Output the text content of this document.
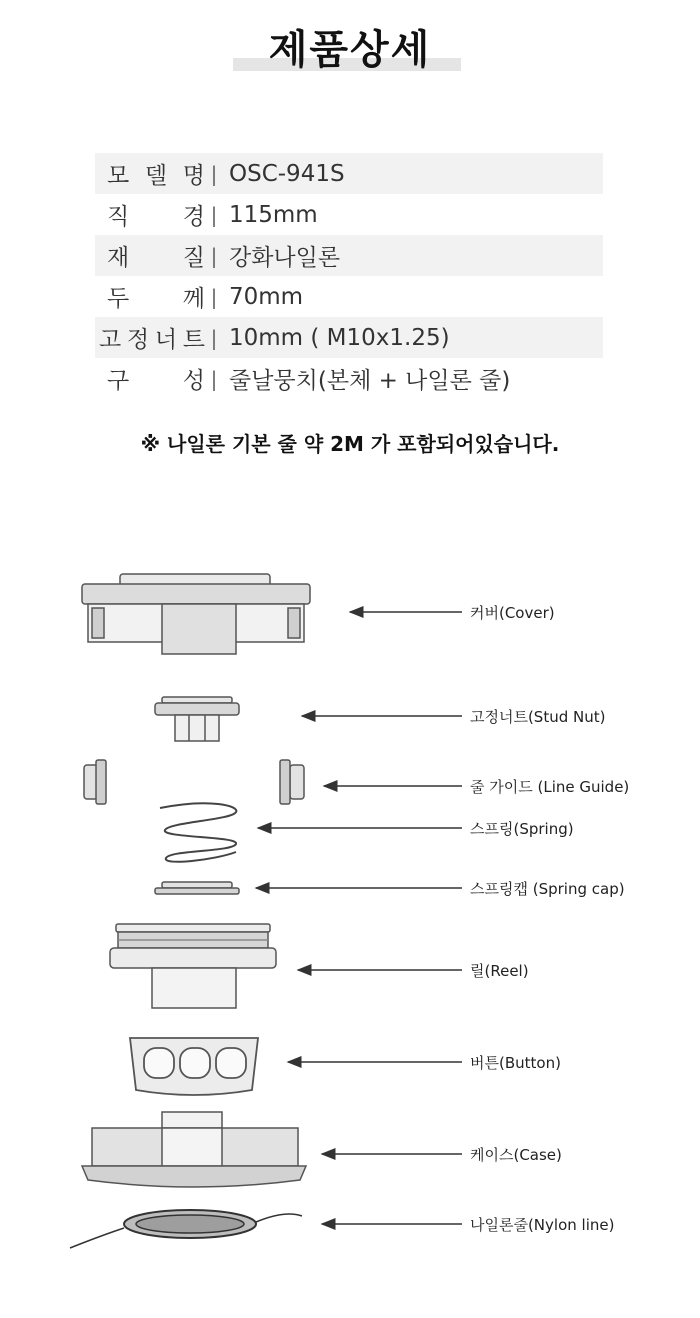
제품상세
모 델 명 | OSC-941S
직 경 | 115mm
재 질 | 강화나일론
두 께 | 70mm
고 정 너 트 | 10mm ( M10x1.25)
구 성 | 줄날뭉치(본체 + 나일론 줄)
※ 나일론 기본 줄 약 2M 가 포함되어있습니다.
커버(Cover)
고정너트(Stud Nut)
줄 가이드 (Line Guide)
스프링(Spring)
스프링캡 (Spring cap)
릴(Reel)
버튼(Button)
케이스(Case)
나일론줄(Nylon line)
